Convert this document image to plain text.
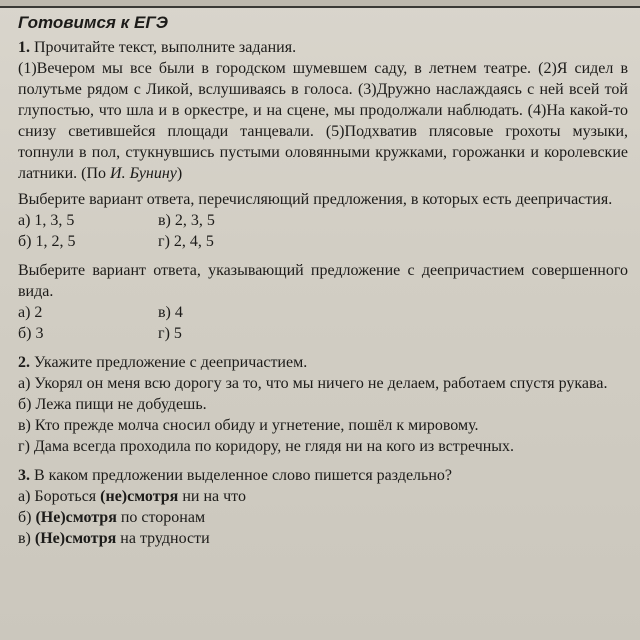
Готовимся к ЕГЭ
1. Прочитайте текст, выполните задания.
(1)Вечером мы все были в городском шумевшем саду, в летнем театре. (2)Я сидел в полутьме рядом с Ликой, вслушиваясь в голоса. (3)Дружно наслаждаясь с ней всей той глупостью, что шла и в оркестре, и на сцене, мы продолжали наблюдать. (4)На какой-то снизу светившейся площади танцевали. (5)Подхватив плясовые грохоты музыки, топнули в пол, стукнувшись пустыми оловянными кружками, горожанки и королевские латники. (По И. Бунину)
Выберите вариант ответа, перечисляющий предложения, в которых есть деепричастия.
а) 1, 3, 5	в) 2, 3, 5
б) 1, 2, 5	г) 2, 4, 5
Выберите вариант ответа, указывающий предложение с деепричастием совершенного вида.
а) 2	в) 4
б) 3	г) 5
2. Укажите предложение с деепричастием.
а) Укорял он меня всю дорогу за то, что мы ничего не делаем, работаем спустя рукава.
б) Лежа пищи не добудешь.
в) Кто прежде молча сносил обиду и угнетение, пошёл к мировому.
г) Дама всегда проходила по коридору, не глядя ни на кого из встречных.
3. В каком предложении выделенное слово пишется раздельно?
а) Бороться (не)смотря ни на что
б) (Не)смотря по сторонам
в) (Не)смотря на трудности
